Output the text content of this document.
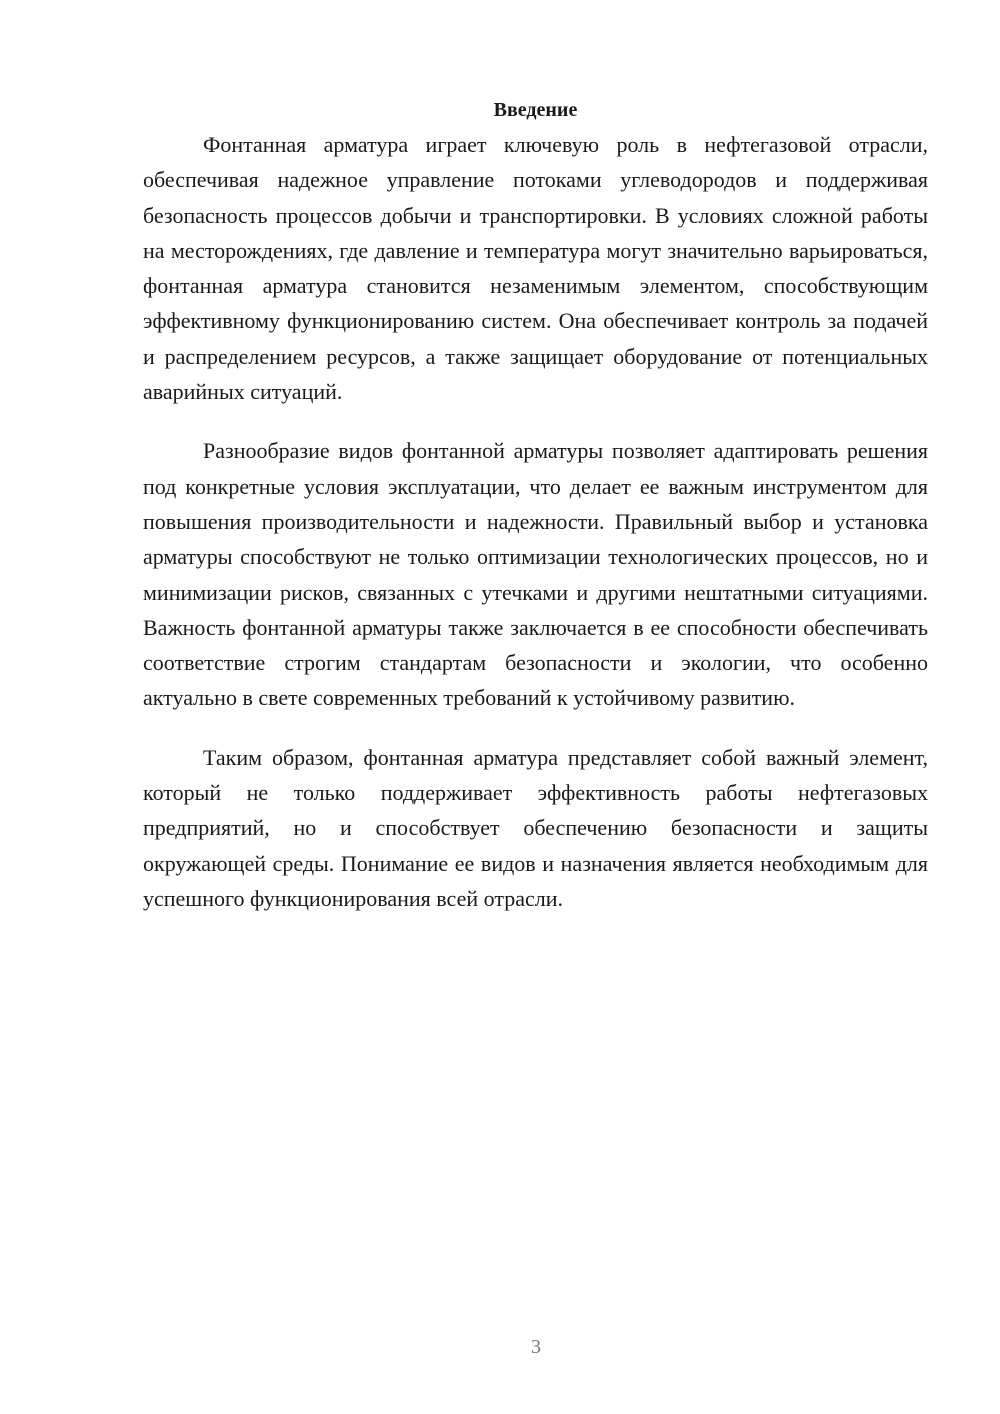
Введение

Фонтанная арматура играет ключевую роль в нефтегазовой отрасли, обеспечивая надежное управление потоками углеводородов и поддерживая безопасность процессов добычи и транспортировки. В условиях сложной работы на месторождениях, где давление и температура могут значительно варьироваться, фонтанная арматура становится незаменимым элементом, способствующим эффективному функционированию систем. Она обеспечивает контроль за подачей и распределением ресурсов, а также защищает оборудование от потенциальных аварийных ситуаций.

Разнообразие видов фонтанной арматуры позволяет адаптировать решения под конкретные условия эксплуатации, что делает ее важным инструментом для повышения производительности и надежности. Правильный выбор и установка арматуры способствуют не только оптимизации технологических процессов, но и минимизации рисков, связанных с утечками и другими нештатными ситуациями. Важность фонтанной арматуры также заключается в ее способности обеспечивать соответствие строгим стандартам безопасности и экологии, что особенно актуально в свете современных требований к устойчивому развитию.

Таким образом, фонтанная арматура представляет собой важный элемент, который не только поддерживает эффективность работы нефтегазовых предприятий, но и способствует обеспечению безопасности и защиты окружающей среды. Понимание ее видов и назначения является необходимым для успешного функционирования всей отрасли.

3
